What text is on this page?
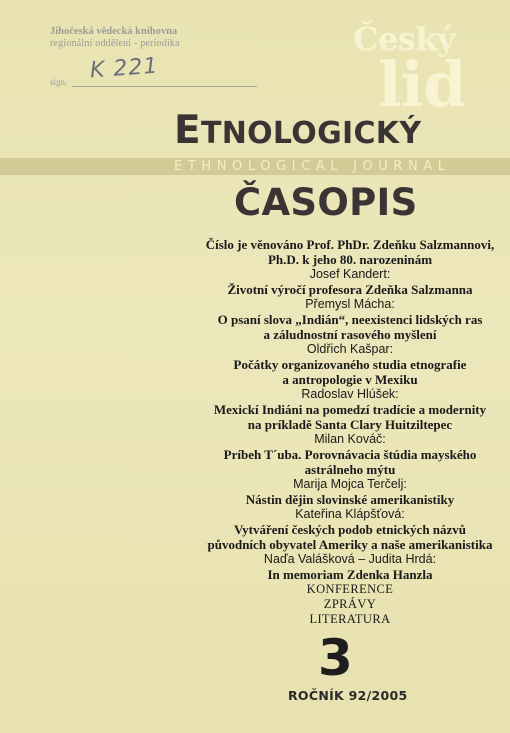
Jihočeská vědecká knihovna
regionální oddělení - periodika
sign. K 221
Český
lid
ETNOLOGICKÝ
ETHNOLOGICAL JOURNAL
ČASOPIS
Číslo je věnováno Prof. PhDr. Zdeňku Salzmannovi,
Ph.D. k jeho 80. narozeninám
Josef Kandert:
Životní výročí profesora Zdeňka Salzmanna
Přemysl Mácha:
O psaní slova „Indián“, neexistenci lidských ras
a záludnostní rasového myšlení
Oldřich Kašpar:
Počátky organizovaného studia etnografie
a antropologie v Mexiku
Radoslav Hlúšek:
Mexickí Indiáni na pomedzí tradície a modernity
na príkladě Santa Clary Huitziltepec
Milan Kováč:
Príbeh T´uba. Porovnávacia štúdia mayského
astrálneho mýtu
Marija Mojca Terčelj:
Nástin dějin slovinské amerikanistiky
Kateřina Klápšťová:
Vytváření českých podob etnických názvů
původních obyvatel Ameriky a naše amerikanistika
Naďa Valášková – Judita Hrdá:
In memoriam Zdenka Hanzla
KONFERENCE
ZPRÁVY
LITERATURA
3
ROČNÍK 92/2005
